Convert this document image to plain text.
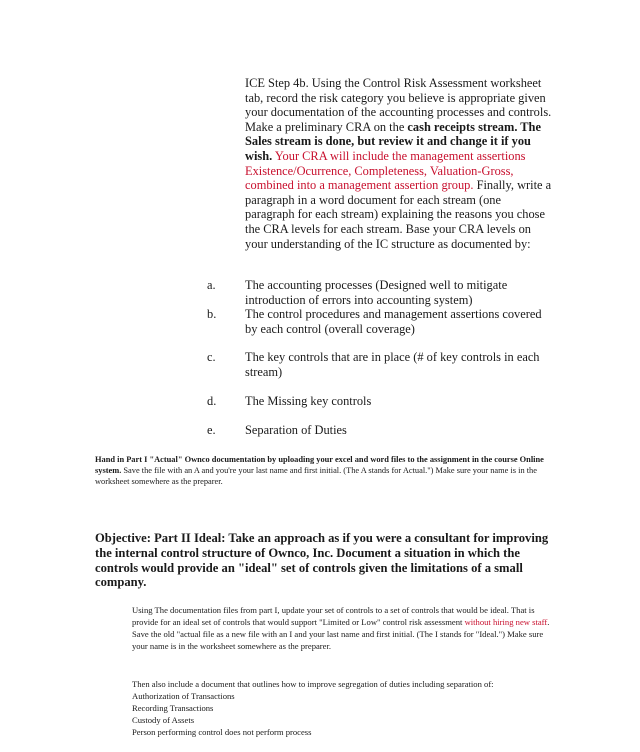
ICE Step 4b. Using the Control Risk Assessment worksheet tab, record the risk category you believe is appropriate given your documentation of the accounting processes and controls. Make a preliminary CRA on the cash receipts stream. The Sales stream is done, but review it and change it if you wish. Your CRA will include the management assertions Existence/Ocurrence, Completeness, Valuation-Gross, combined into a management assertion group. Finally, write a paragraph in a word document for each stream (one paragraph for each stream) explaining the reasons you chose the CRA levels for each stream. Base your CRA levels on your understanding of the IC structure as documented by:
a. The accounting processes (Designed well to mitigate introduction of errors into accounting system)
b. The control procedures and management assertions covered by each control (overall coverage)
c. The key controls that are in place (# of key controls in each stream)
d. The Missing key controls
e. Separation of Duties
Hand in Part I "Actual" Ownco documentation by uploading your excel and word files to the assignment in the course Online system. Save the file with an A and you're your last name and first initial. (The A stands for Actual.") Make sure your name is in the worksheet somewhere as the preparer.
Objective: Part II Ideal: Take an approach as if you were a consultant for improving the internal control structure of Ownco, Inc. Document a situation in which the controls would provide an "ideal" set of controls given the limitations of a small company.
Using The documentation files from part I, update your set of controls to a set of controls that would be ideal. That is provide for an ideal set of controls that would support "Limited or Low" control risk assessment without hiring new staff. Save the old "actual file as a new file with an I and your last name and first initial. (The I stands for "Ideal.") Make sure your name is in the worksheet somewhere as the preparer.
Then also include a document that outlines how to improve segregation of duties including separation of:
Authorization of Transactions
Recording Transactions
Custody of Assets
Person performing control does not perform process
